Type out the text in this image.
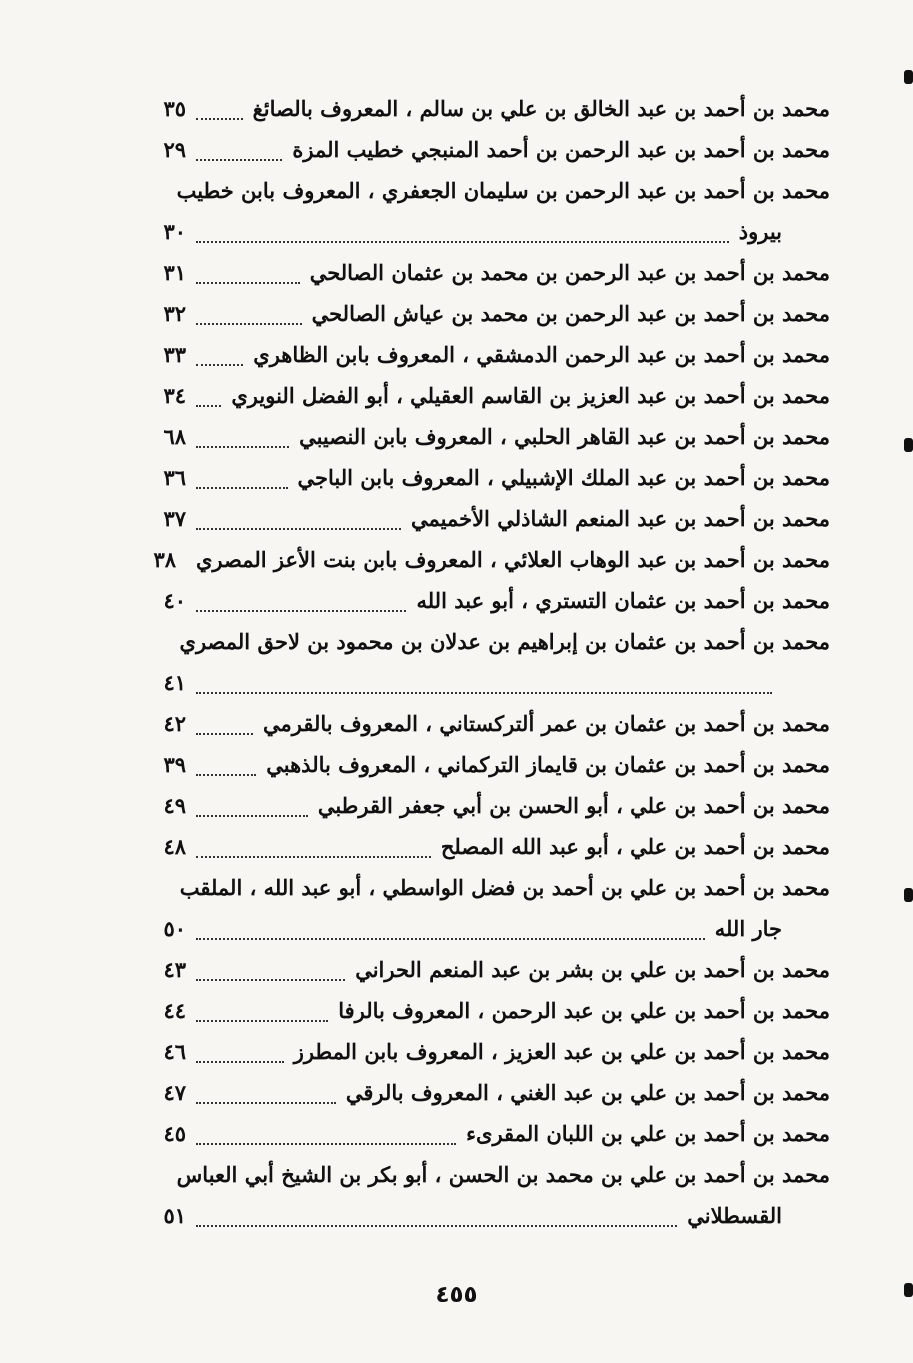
محمد بن أحمد بن عبد الخالق بن علي بن سالم ، المعروف بالصائغ
٣٥
محمد بن أحمد بن عبد الرحمن بن أحمد المنبجي خطيب المزة
٢٩
محمد بن أحمد بن عبد الرحمن بن سليمان الجعفري ، المعروف بابن خطيب
بيروذ
٣٠
محمد بن أحمد بن عبد الرحمن بن محمد بن عثمان الصالحي
٣١
محمد بن أحمد بن عبد الرحمن بن محمد بن عياش الصالحي
٣٢
محمد بن أحمد بن عبد الرحمن الدمشقي ، المعروف بابن الظاهري
٣٣
محمد بن أحمد بن عبد العزيز بن القاسم العقيلي ، أبو الفضل النويري
٣٤
محمد بن أحمد بن عبد القاهر الحلبي ، المعروف بابن النصيبي
٦٨
محمد بن أحمد بن عبد الملك الإشبيلي ، المعروف بابن الباجي
٣٦
محمد بن أحمد بن عبد المنعم الشاذلي الأخميمي
٣٧
محمد بن أحمد بن عبد الوهاب العلائي ، المعروف بابن بنت الأعز المصري
٣٨
محمد بن أحمد بن عثمان التستري ، أبو عبد الله
٤٠
محمد بن أحمد بن عثمان بن إبراهيم بن عدلان بن محمود بن لاحق المصري
٤١
محمد بن أحمد بن عثمان بن عمر ألتركستاني ، المعروف بالقرمي
٤٢
محمد بن أحمد بن عثمان بن قايماز التركماني ، المعروف بالذهبي
٣٩
محمد بن أحمد بن علي ، أبو الحسن بن أبي جعفر القرطبي
٤٩
محمد بن أحمد بن علي ، أبو عبد الله المصلح
٤٨
محمد بن أحمد بن علي بن أحمد بن فضل الواسطي ، أبو عبد الله ، الملقب
جار الله
٥٠
محمد بن أحمد بن علي بن بشر بن عبد المنعم الحراني
٤٣
محمد بن أحمد بن علي بن عبد الرحمن ، المعروف بالرفا
٤٤
محمد بن أحمد بن علي بن عبد العزيز ، المعروف بابن المطرز
٤٦
محمد بن أحمد بن علي بن عبد الغني ، المعروف بالرقي
٤٧
محمد بن أحمد بن علي بن اللبان المقرىء
٤٥
محمد بن أحمد بن علي بن محمد بن الحسن ، أبو بكر بن الشيخ أبي العباس
القسطلاني
٥١
٤٥٥
